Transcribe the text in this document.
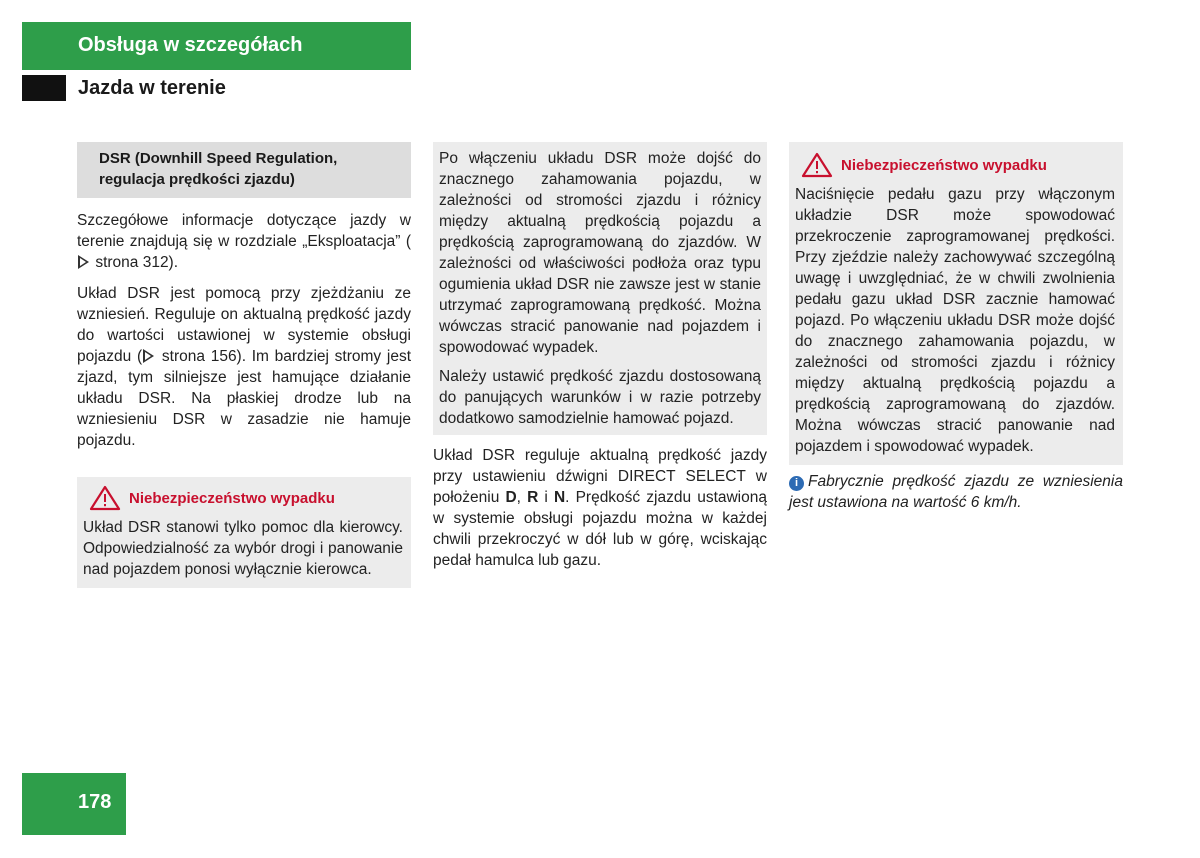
Obsługa w szczegółach
Jazda w terenie
DSR (Downhill Speed Regulation,
regulacja prędkości zjazdu)

Szczegółowe informacje dotyczące jazdy w terenie znajdują się w rozdziale „Eksploatacja” ( strona 312).

Układ DSR jest pomocą przy zjeżdżaniu ze wzniesień. Reguluje on aktualną prędkość jazdy do wartości ustawionej w systemie obsługi pojazdu ( strona 156). Im bardziej stromy jest zjazd, tym silniejsze jest hamujące działanie układu DSR. Na płaskiej drodze lub na wzniesieniu DSR w zasadzie nie hamuje pojazdu.

Niebezpieczeństwo wypadku

Układ DSR stanowi tylko pomoc dla kierowcy. Odpowiedzialność za wybór drogi i panowanie nad pojazdem ponosi wyłącznie kierowca.

Po włączeniu układu DSR może dojść do znacznego zahamowania pojazdu, w zależności od stromości zjazdu i różnicy między aktualną prędkością pojazdu a prędkością zaprogramowaną do zjazdów. W zależności od właściwości podłoża oraz typu ogumienia układ DSR nie zawsze jest w stanie utrzymać zaprogramowaną prędkość. Można wówczas stracić panowanie nad pojazdem i spowodować wypadek.

Należy ustawić prędkość zjazdu dostosowaną do panujących warunków i w razie potrzeby dodatkowo samodzielnie hamować pojazd.

Układ DSR reguluje aktualną prędkość jazdy przy ustawieniu dźwigni DIRECT SELECT w położeniu D, R i N. Prędkość zjazdu ustawioną w systemie obsługi pojazdu można w każdej chwili przekroczyć w dół lub w górę, wciskając pedał hamulca lub gazu.

Niebezpieczeństwo wypadku

Naciśnięcie pedału gazu przy włączonym układzie DSR może spowodować przekroczenie zaprogramowanej prędkości. Przy zjeździe należy zachowywać szczególną uwagę i uwzględniać, że w chwili zwolnienia pedału gazu układ DSR zacznie hamować pojazd. Po włączeniu układu DSR może dojść do znacznego zahamowania pojazdu, w zależności od stromości zjazdu i różnicy między aktualną prędkością pojazdu a prędkością zaprogramowaną do zjazdów. Można wówczas stracić panowanie nad pojazdem i spowodować wypadek.

i Fabrycznie prędkość zjazdu ze wzniesienia jest ustawiona na wartość 6 km/h.

178
